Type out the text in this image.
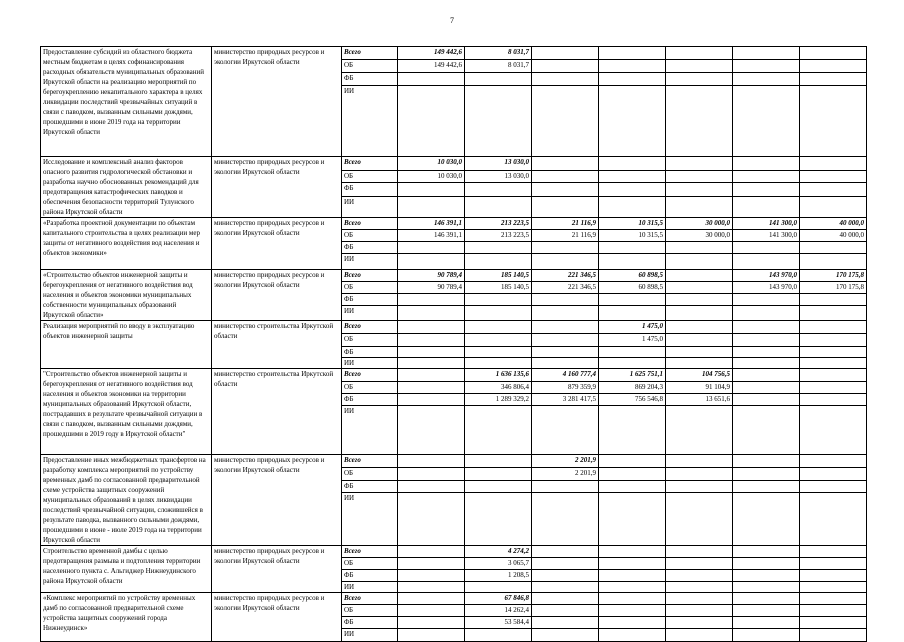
7
Предоставление субсидий из областного бюджета местным бюджетам в целях софинансирования расходных обязательств муниципальных образований Иркутской области на реализацию мероприятий по берегоукреплению некапитального характера в целях ликвидации последствий чрезвычайных ситуаций в связи с паводком, вызванным сильными дождями, прошедшими в июне 2019 года на территории Иркутской области	министерство природных ресурсов и экологии Иркутской области	Всего	149 442,6	8 031,7					
		ОБ	149 442,6	8 031,7					
		ФБ							
		ИИ							
Исследование и комплексный анализ факторов опасного развития гидрологической обстановки и разработка научно обоснованных рекомендаций для предотвращения катастрофических паводков и обеспечения безопасности территорий Тулунского района Иркутской области	министерство природных ресурсов и экологии Иркутской области	Всего	10 030,0	13 030,0					
		ОБ	10 030,0	13 030,0					
		ФБ							
		ИИ							
«Разработка проектной документации по объектам капитального строительства в целях реализации мер защиты от негативного воздействия вод населения и объектов экономики»	министерство природных ресурсов и экологии Иркутской области	Всего	146 391,1	213 223,5	21 116,9	10 315,5	30 000,0	141 300,0	40 000,0
		ОБ	146 391,1	213 223,5	21 116,9	10 315,5	30 000,0	141 300,0	40 000,0
		ФБ							
		ИИ							
«Строительство объектов инженерной защиты и берегоукрепления от негативного воздействия вод населения и объектов экономики муниципальных собственности муниципальных образований Иркутской области»	министерство природных ресурсов и экологии Иркутской области	Всего	90 789,4	185 140,5	221 346,5	60 898,5		143 970,0	170 175,8
		ОБ	90 789,4	185 140,5	221 346,5	60 898,5		143 970,0	170 175,8
		ФБ							
		ИИ							
Реализация мероприятий по вводу в эксплуатацию объектов инженерной защиты	министерство строительства Иркутской области	Всего				1 475,0			
		ОБ				1 475,0			
		ФБ							
		ИИ							
"Строительство объектов инженерной защиты и берегоукрепления от негативного воздействия вод населения и объектов экономики на территории муниципальных образований Иркутской области, пострадавших в результате чрезвычайной ситуации в связи с паводком, вызванным сильными дождями, прошедшими в 2019 году в Иркутской области"	министерство строительства Иркутской области	Всего		1 636 135,6	4 160 777,4	1 625 751,1	104 756,5		
		ОБ		346 806,4	879 359,9	869 204,3	91 104,9		
		ФБ		1 289 329,2	3 281 417,5	756 546,8	13 651,6		
		ИИ							
Предоставление иных межбюджетных трансфертов на разработку комплекса мероприятий по устройству временных дамб по согласованной предварительной схеме устройства защитных сооружений муниципальных образований в целях ликвидации последствий чрезвычайной ситуации, сложившейся в результате паводка, вызванного сильными дождями, прошедшими в июне - июле 2019 года на территории Иркутской области	министерство природных ресурсов и экологии Иркутской области	Всего			2 201,9				
		ОБ			2 201,9				
		ФБ							
		ИИ							
Строительство временной дамбы с целью предотвращения размыва и подтопления территории населенного пункта с. Альгиджер Нижнеудинского района Иркутской области	министерство природных ресурсов и экологии Иркутской области	Всего		4 274,2					
		ОБ		3 065,7					
		ФБ		1 208,5					
		ИИ							
«Комплекс мероприятий по устройству временных дамб по согласованной предварительной схеме устройства защитных сооружений города Нижнеудинск»	министерство природных ресурсов и экологии Иркутской области	Всего		67 846,8					
		ОБ		14 262,4					
		ФБ		53 584,4					
		ИИ							
